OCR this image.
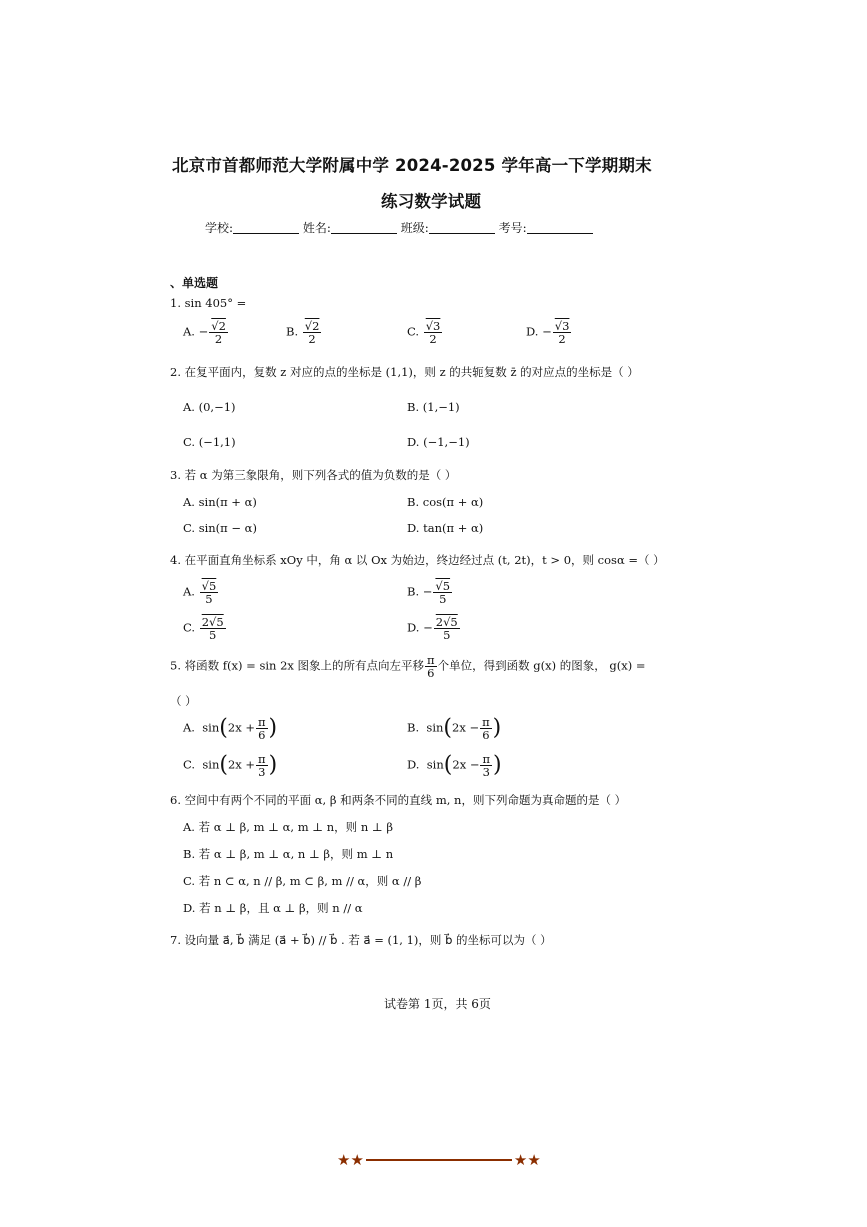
北京市首都师范大学附属中学 2024-2025 学年高一下学期期末
练习数学试题
学校:	姓名:	班级:	考号:
、单选题
1. sin 405° =
A. − $\frac{√2}{2}$	B. $\frac{√2}{2}$	C. $\frac{√3}{2}$	D. − $\frac{√3}{2}$
2. 在复平面内，复数 z 对应的点的坐标是 (1,1)，则 z 的共轭复数 z̄ 的对应点的坐标是（ ）
A. (0,−1)	B. (1,−1)
C. (−1,1)	D. (−1,−1)
3. 若 α 为第三象限角，则下列各式的值为负数的是（ ）
A. sin(π + α)	B. cos(π + α)
C. sin(π − α)	D. tan(π + α)
4. 在平面直角坐标系 xOy 中，角 α 以 Ox 为始边，终边经过点 (t, 2t)，t > 0，则 cosα =（ ）
A. $\frac{√5}{5}$	B. − $\frac{√5}{5}$
C. $\frac{2√5}{5}$	D. − $\frac{2√5}{5}$
5. 将函数 f(x) = sin 2x 图象上的所有点向左平移 $\frac{\pi}{6}$ 个单位，得到函数 g(x) 的图象， g(x) =
（ ）
A. $\sin(2x + \frac{\pi}{6}$ )	B. $\sin(2x - \frac{\pi}{6}$ )
C. $\sin(2x + \frac{\pi}{3}$ )	D. $\sin(2x - \frac{\pi}{3}$ )
6. 空间中有两个不同的平面 α, β 和两条不同的直线 m, n，则下列命题为真命题的是（ ）
A. 若 α ⊥ β, m ⊥ α, m ⊥ n，则 n ⊥ β
B. 若 α ⊥ β, m ⊥ α, n ⊥ β，则 m ⊥ n
C. 若 n ⊂ α, n // β, m ⊂ β, m // α，则 α // β
D. 若 n ⊥ β，且 α ⊥ β，则 n // α
7. 设向量 a⃗, b⃗ 满足 (a⃗ + b⃗) // b⃗ . 若 a⃗ = (1, 1)，则 b⃗ 的坐标可以为（ ）
试卷第 1页，共 6页
★★	★★
